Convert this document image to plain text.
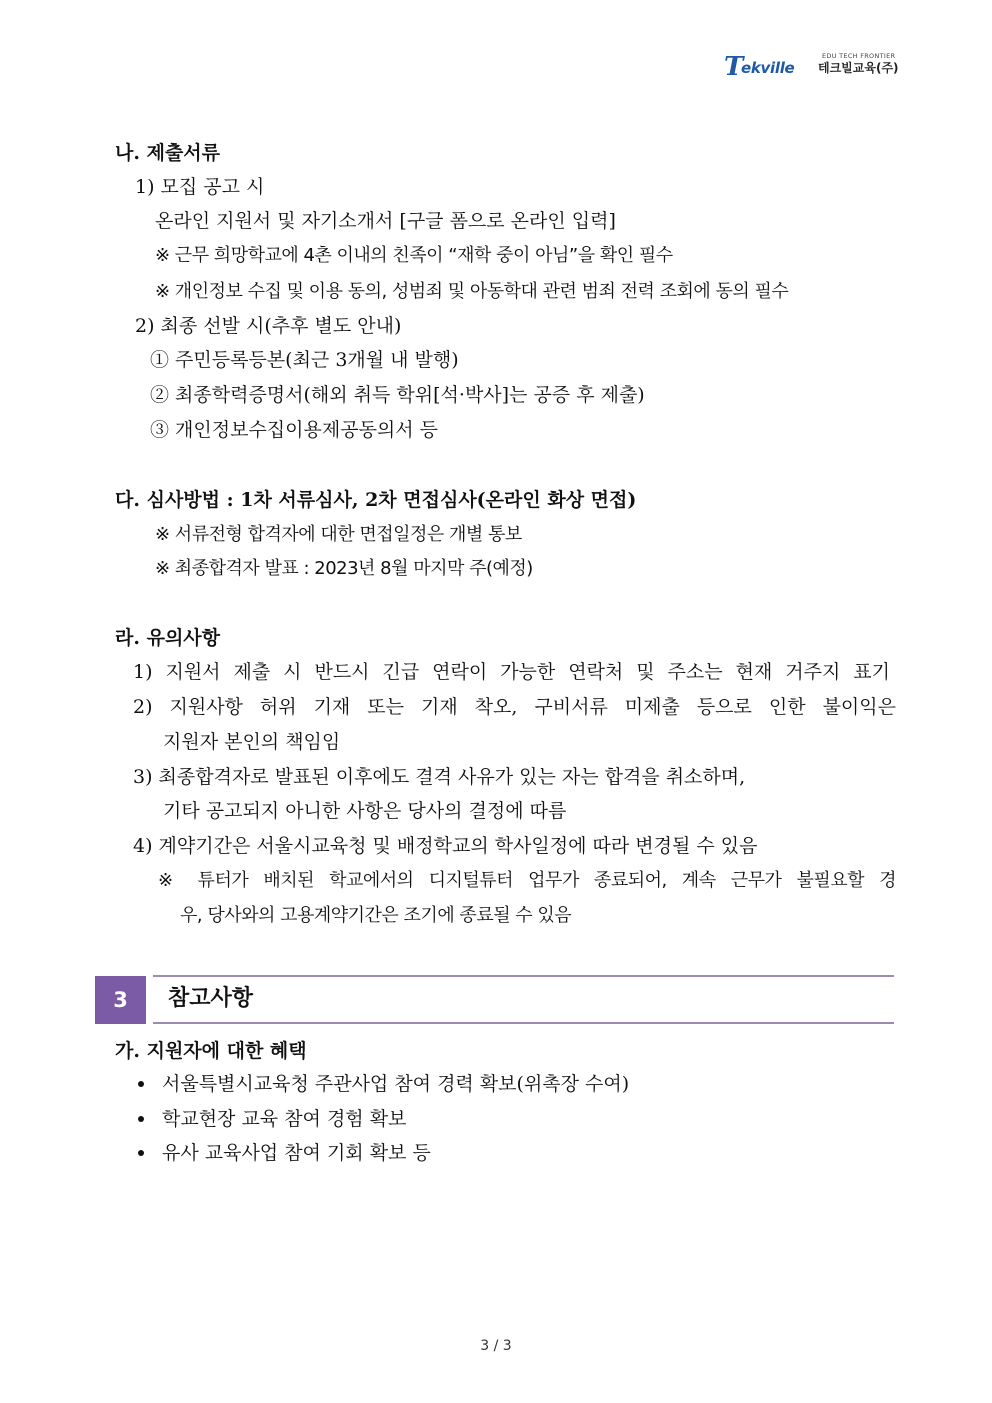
EDU TECH FRONTIER
T
ekville 테크빌교육(주)
나. 제출서류
1) 모집 공고 시
온라인 지원서 및 자기소개서 [구글 폼으로 온라인 입력]
※ 근무 희망학교에 4촌 이내의 친족이 “재학 중이 아님”을 확인 필수
※ 개인정보 수집 및 이용 동의, 성범죄 및 아동학대 관련 범죄 전력 조회에 동의 필수
2) 최종 선발 시(추후 별도 안내)
① 주민등록등본(최근 3개월 내 발행)
② 최종학력증명서(해외 취득 학위[석·박사]는 공증 후 제출)
③ 개인정보수집이용제공동의서 등
다. 심사방법 : 1차 서류심사, 2차 면접심사(온라인 화상 면접)
※ 서류전형 합격자에 대한 면접일정은 개별 통보
※ 최종합격자 발표 : 2023년 8월 마지막 주(예정)
라. 유의사항
1) 지원서 제출 시 반드시 긴급 연락이 가능한 연락처 및 주소는 현재 거주지 표기
2) 지원사항 허위 기재 또는 기재 착오, 구비서류 미제출 등으로 인한 불이익은
지원자 본인의 책임임
3) 최종합격자로 발표된 이후에도 결격 사유가 있는 자는 합격을 취소하며,
기타 공고되지 아니한 사항은 당사의 결정에 따름
4) 계약기간은 서울시교육청 및 배정학교의 학사일정에 따라 변경될 수 있음
※ 튜터가 배치된 학교에서의 디지털튜터 업무가 종료되어, 계속 근무가 불필요할 경
우, 당사와의 고용계약기간은 조기에 종료될 수 있음
3	참고사항
가. 지원자에 대한 혜택
서울특별시교육청 주관사업 참여 경력 확보(위촉장 수여)
학교현장 교육 참여 경험 확보
유사 교육사업 참여 기회 확보 등
3 / 3
